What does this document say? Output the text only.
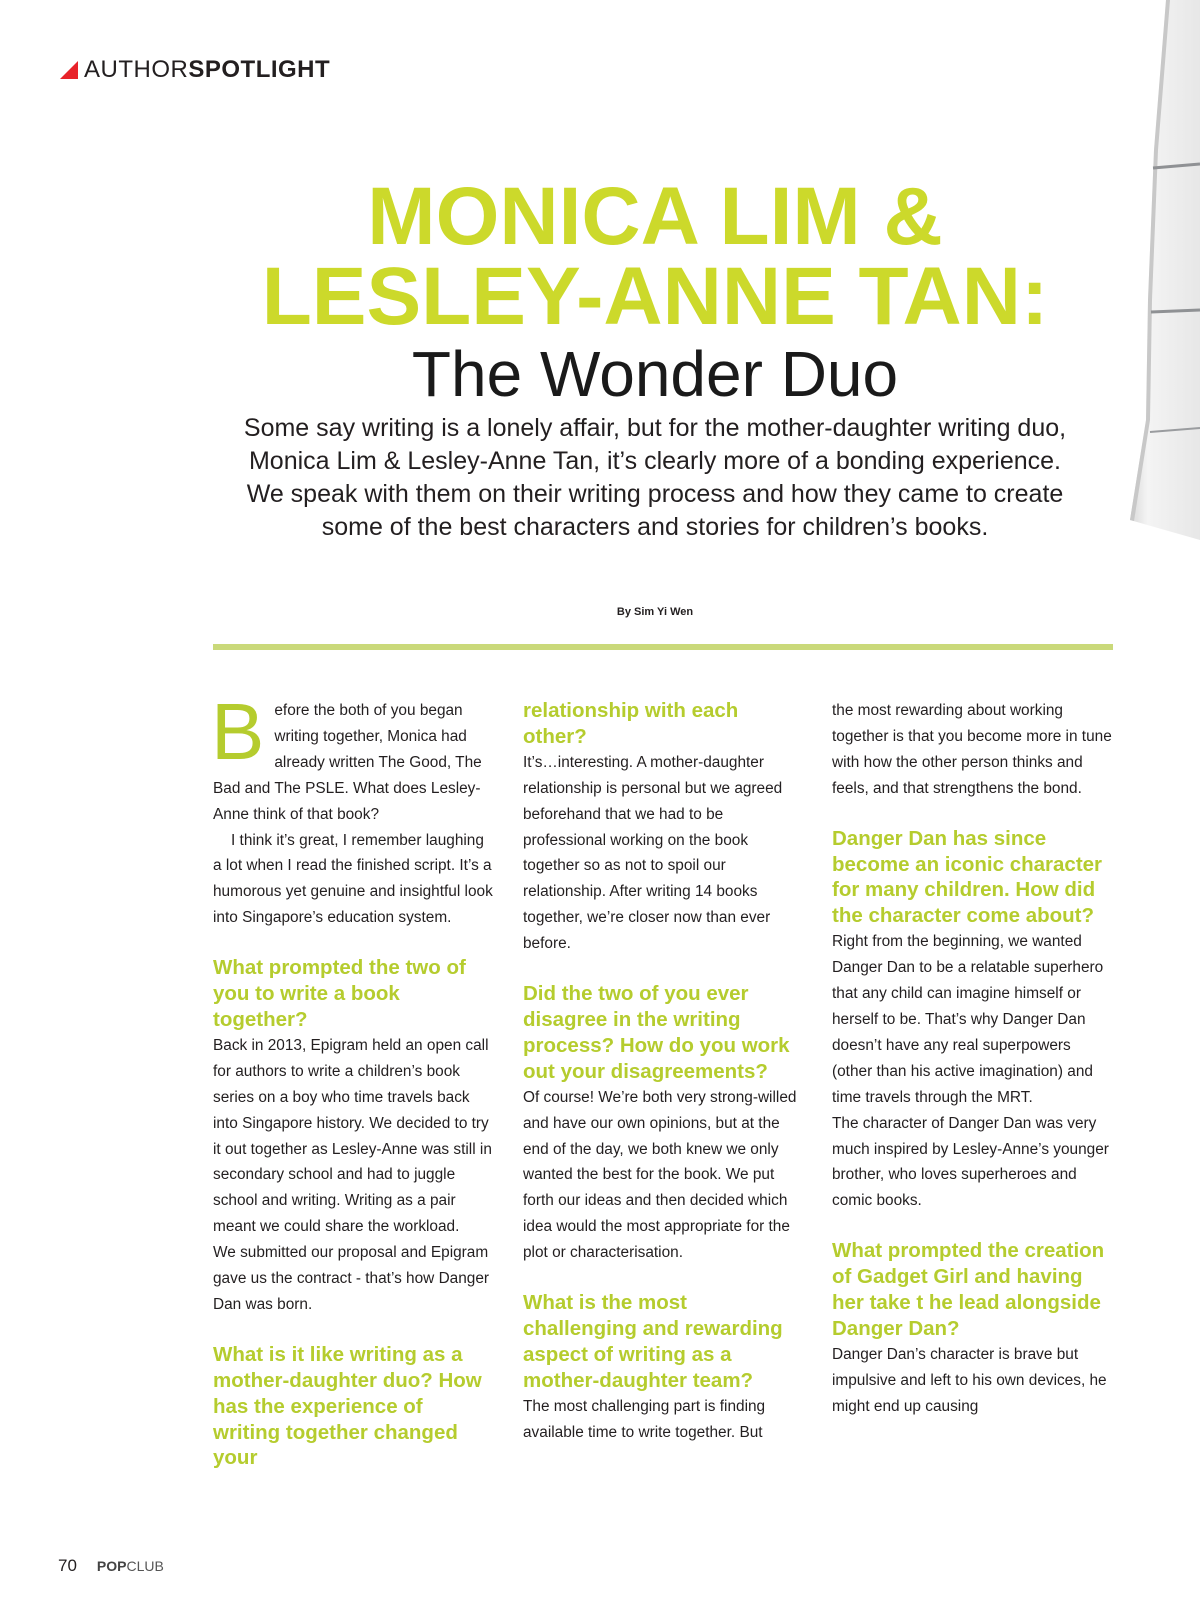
AUTHOR SPOTLIGHT
MONICA LIM &
LESLEY-ANNE TAN:
The Wonder Duo

Some say writing is a lonely affair, but for the mother-daughter writing duo, Monica Lim & Lesley-Anne Tan, it’s clearly more of a bonding experience. We speak with them on their writing process and how they came to create some of the best characters and stories for children’s books.

By Sim Yi Wen

Before the both of you began writing together, Monica had already written The Good, The Bad and The PSLE. What does Lesley-Anne think of that book?

I think it’s great, I remember laughing a lot when I read the finished script. It’s a humorous yet genuine and insightful look into Singapore’s education system.

What prompted the two of you to write a book together?

Back in 2013, Epigram held an open call for authors to write a children’s book series on a boy who time travels back into Singapore history. We decided to try it out together as Lesley-Anne was still in secondary school and had to juggle school and writing. Writing as a pair meant we could share the workload.

We submitted our proposal and Epigram gave us the contract - that’s how Danger Dan was born.

What is it like writing as a mother-daughter duo? How has the experience of writing together changed your
relationship with each other?

It’s…interesting. A mother-daughter relationship is personal but we agreed beforehand that we had to be professional working on the book together so as not to spoil our relationship. After writing 14 books together, we’re closer now than ever before.

Did the two of you ever disagree in the writing process? How do you work out your disagreements?

Of course! We’re both very strong-willed and have our own opinions, but at the end of the day, we both knew we only wanted the best for the book. We put forth our ideas and then decided which idea would the most appropriate for the plot or characterisation.

What is the most challenging and rewarding aspect of writing as a mother-daughter team?

The most challenging part is finding available time to write together. But

the most rewarding about working together is that you become more in tune with how the other person thinks and feels, and that strengthens the bond.

Danger Dan has since become an iconic character for many children. How did the character come about?

Right from the beginning, we wanted Danger Dan to be a relatable superhero that any child can imagine himself or herself to be. That’s why Danger Dan doesn’t have any real superpowers (other than his active imagination) and time travels through the MRT.

The character of Danger Dan was very much inspired by Lesley-Anne’s younger brother, who loves superheroes and comic books.

What prompted the creation of Gadget Girl and having her take t he lead alongside Danger Dan?

Danger Dan’s character is brave but impulsive and left to his own devices, he might end up causing

70 POP CLUB
